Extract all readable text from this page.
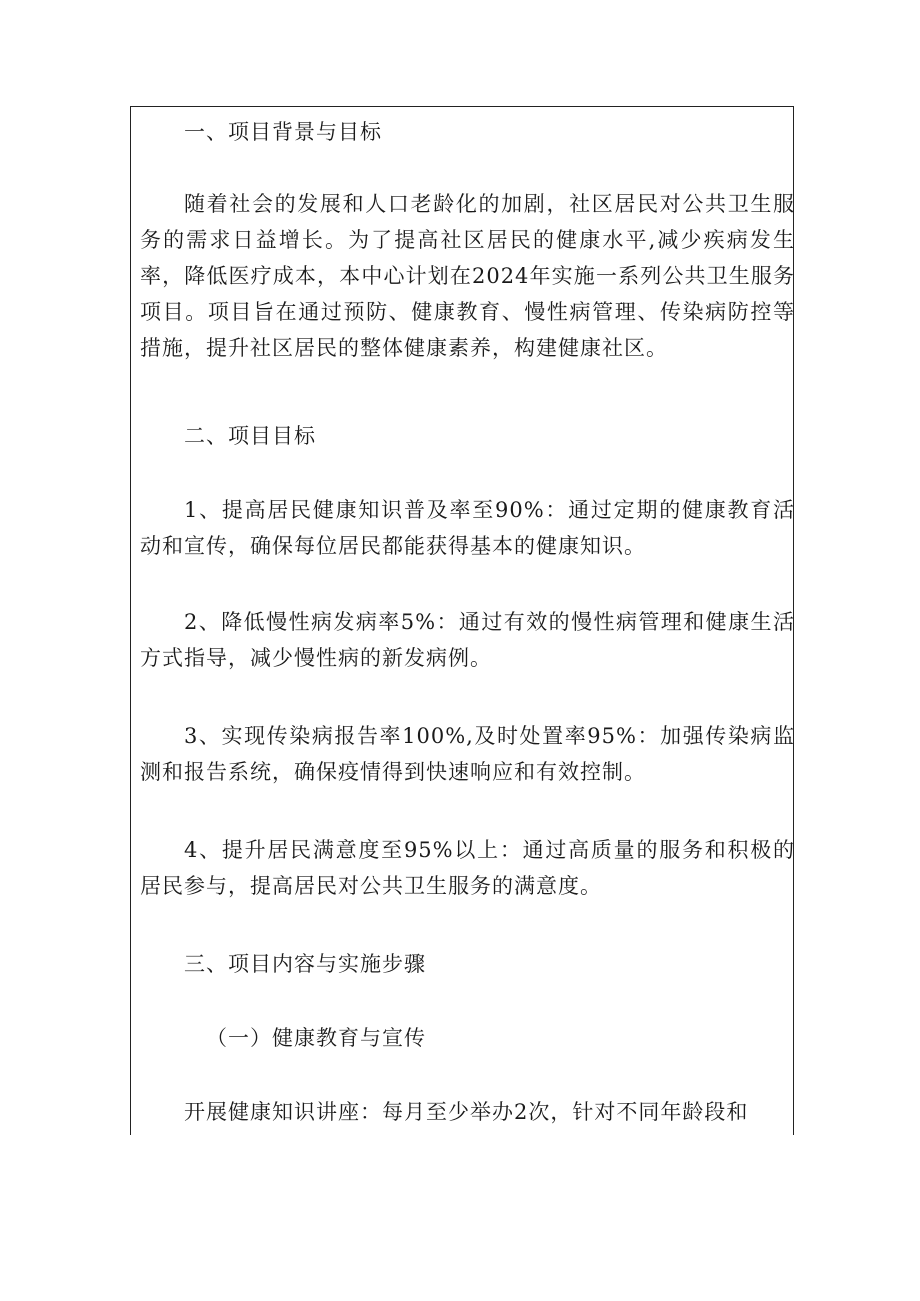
一、项目背景与目标

随着社会的发展和人口老龄化的加剧，社区居民对公共卫生服务的需求日益增长。为了提高社区居民的健康水平,减少疾病发生率，降低医疗成本，本中心计划在2024年实施一系列公共卫生服务项目。项目旨在通过预防、健康教育、慢性病管理、传染病防控等措施，提升社区居民的整体健康素养，构建健康社区。

二、项目目标

1、提高居民健康知识普及率至90%：通过定期的健康教育活动和宣传，确保每位居民都能获得基本的健康知识。

2、降低慢性病发病率5%：通过有效的慢性病管理和健康生活方式指导，减少慢性病的新发病例。

3、实现传染病报告率100%,及时处置率95%：加强传染病监测和报告系统，确保疫情得到快速响应和有效控制。

4、提升居民满意度至95%以上：通过高质量的服务和积极的居民参与，提高居民对公共卫生服务的满意度。

三、项目内容与实施步骤

（一）健康教育与宣传

开展健康知识讲座：每月至少举办2次，针对不同年龄段和
